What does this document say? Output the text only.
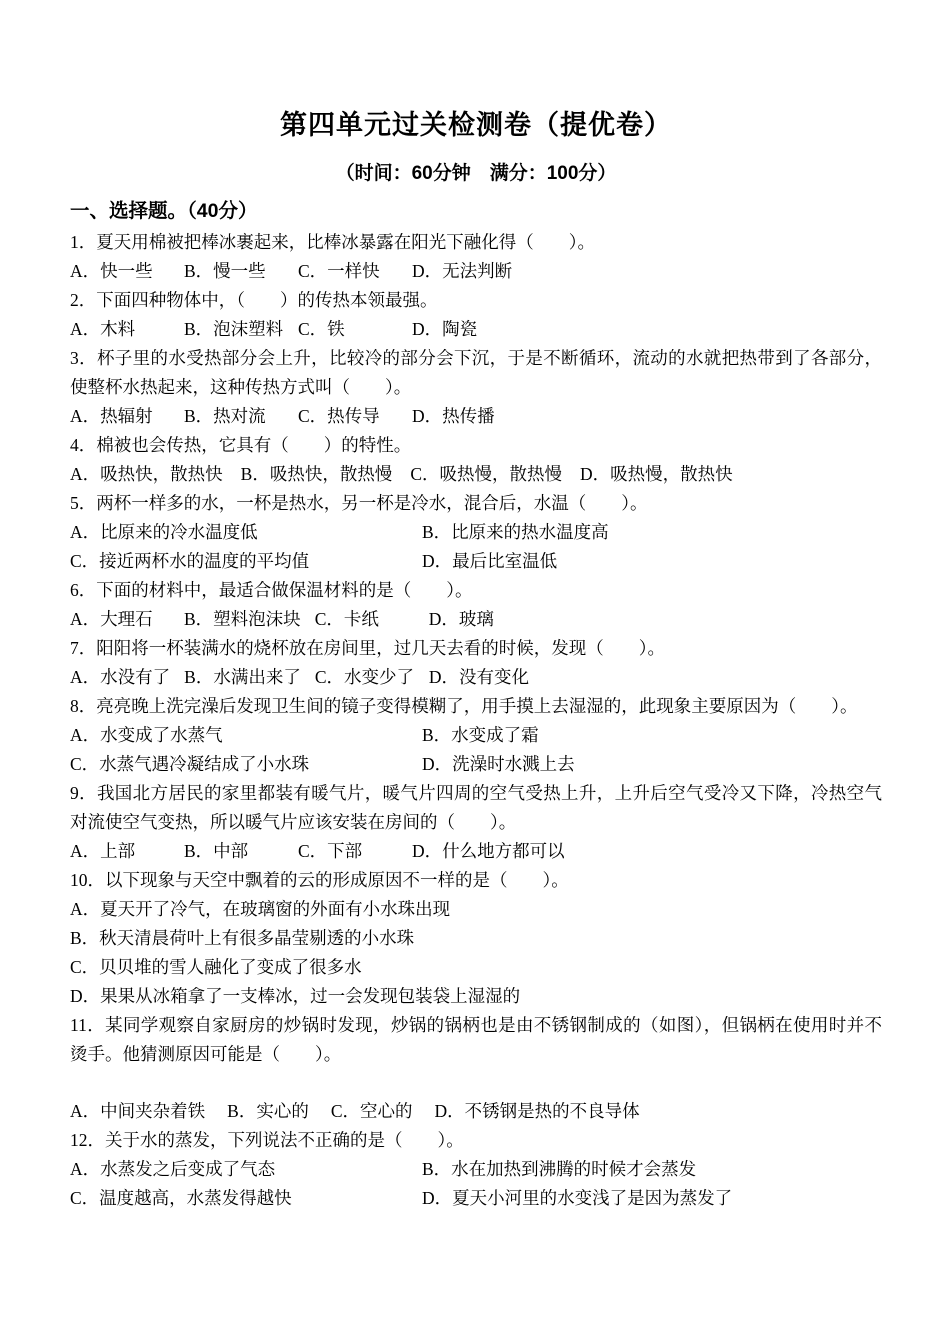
第四单元过关检测卷（提优卷）
（时间：60分钟　满分：100分）
一、选择题。（40分）

1．夏天用棉被把棒冰裹起来，比棒冰暴露在阳光下融化得（　　）。

A．快一些	B．慢一些	C．一样快	D．无法判断

2．下面四种物体中，（　　）的传热本领最强。

A．木料	B．泡沫塑料 C．铁	D．陶瓷

3．杯子里的水受热部分会上升，比较冷的部分会下沉，于是不断循环，流动的水就把热带到了各部分，使整杯水热起来，这种传热方式叫（　　）。

A．热辐射	B．热对流	C．热传导	D．热传播

4．棉被也会传热，它具有（　　）的特性。

A．吸热快，散热快 B．吸热快，散热慢 C．吸热慢，散热慢 D．吸热慢，散热快

5．两杯一样多的水，一杯是热水，另一杯是冷水，混合后，水温（　　）。

A．比原来的冷水温度低	B．比原来的热水温度高
C．接近两杯水的温度的平均值	D．最后比室温低

6．下面的材料中，最适合做保温材料的是（　　）。

A．大理石	B．塑料泡沫块 C．卡纸	D．玻璃

7．阳阳将一杯装满水的烧杯放在房间里，过几天去看的时候，发现（　　）。

A．水没有了 B．水满出来了 C．水变少了 D．没有变化

8．亮亮晚上洗完澡后发现卫生间的镜子变得模糊了，用手摸上去湿湿的，此现象主要原因为（　　）。

A．水变成了水蒸气	B．水变成了霜
C．水蒸气遇冷凝结成了小水珠	D．洗澡时水溅上去

9．我国北方居民的家里都装有暖气片，暖气片四周的空气受热上升，上升后空气受冷又下降，冷热空气对流使空气变热，所以暖气片应该安装在房间的（　　）。

A．上部	B．中部	C．下部	D．什么地方都可以

10．以下现象与天空中飘着的云的形成原因不一样的是（　　）。

A．夏天开了冷气，在玻璃窗的外面有小水珠出现
B．秋天清晨荷叶上有很多晶莹剔透的小水珠
C．贝贝堆的雪人融化了变成了很多水
D．果果从冰箱拿了一支棒冰，过一会发现包装袋上湿湿的

11．某同学观察自家厨房的炒锅时发现，炒锅的锅柄也是由不锈钢制成的（如图），但锅柄在使用时并不烫手。他猜测原因可能是（　　）。

A．中间夹杂着铁 B．实心的 C．空心的 D．不锈钢是热的不良导体

12．关于水的蒸发，下列说法不正确的是（　　）。

A．水蒸发之后变成了气态	B．水在加热到沸腾的时候才会蒸发
C．温度越高，水蒸发得越快	D．夏天小河里的水变浅了是因为蒸发了
